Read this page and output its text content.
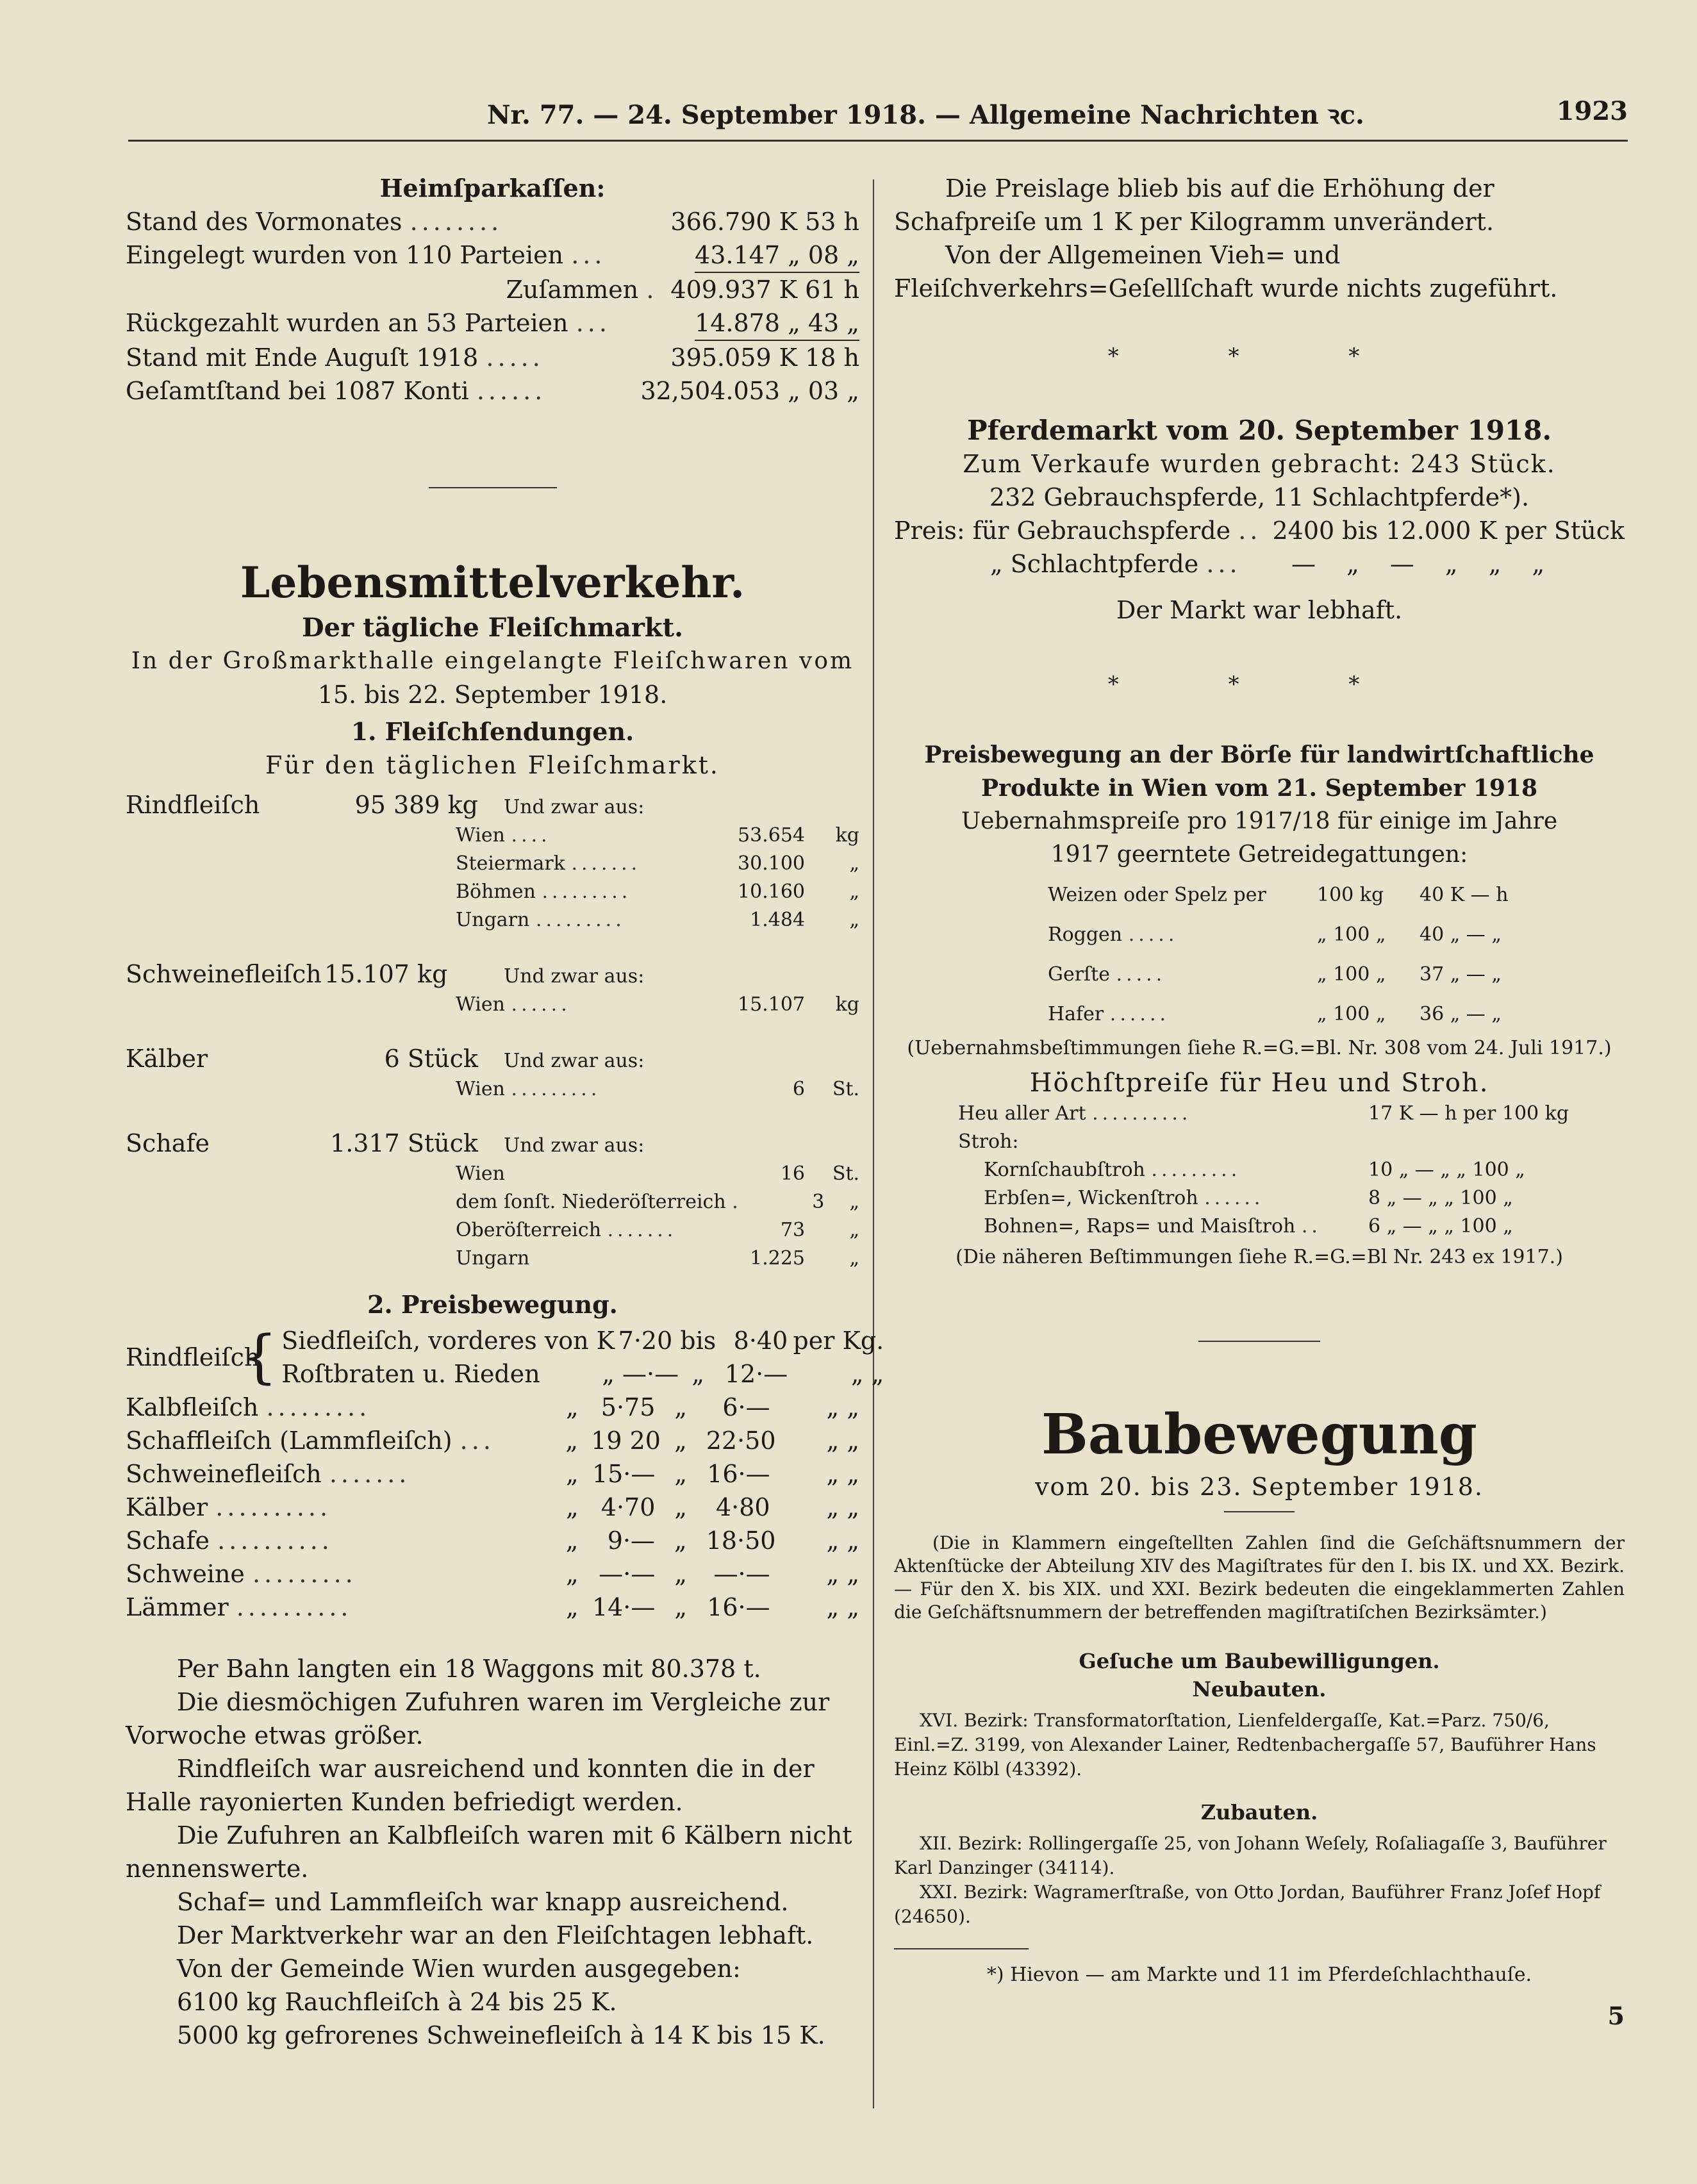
Nr. 77. — 24. September 1918. — Allgemeine Nachrichten ꝛc.	1923
Heimſparkaſſen:
Stand des Vormonates ........	366.790 K 53 h
Eingelegt wurden von 110 Parteien ...	43.147 „ 08 „
Zuſammen . 409.937 K 61 h
Rückgezahlt wurden an 53 Parteien ...	14.878 „ 43 „
Stand mit Ende Auguſt 1918 .....	395.059 K 18 h
Geſamtſtand bei 1087 Konti ......	32,504.053 „ 03 „
Lebensmittelverkehr.
Der tägliche Fleiſchmarkt.
In der Großmarkthalle eingelangte Fleiſchwaren vom
15. bis 22. September 1918.
1. Fleiſchſendungen.
Für den täglichen Fleiſchmarkt.
Rindfleiſch	95 389 kg	Und zwar aus:
Wien ....	53.654	kg
Steiermark .......	30.100	„
Böhmen .........	10.160	„
Ungarn .........	1.484	„
Schweinefleiſch 15.107 kg	Und zwar aus:
Wien ......	15.107	kg
Kälber	6 Stück	Und zwar aus:
Wien .........	6	St.
Schafe	1.317 Stück	Und zwar aus:
Wien	16	St.
dem ſonſt. Niederöſterreich .	3	„
Oberöſterreich .......	73	„
Ungarn	1.225	„
2. Preisbewegung.
Rindfleiſch
{ Siedfleiſch, vorderes von K 7·20 bis 8·40 per Kg.
Roſtbraten u. Rieden	„ —·— „ 12·—	„ „
Kalbfleiſch .........	„ 5·75 „	6·—	„ „
Schaffleiſch (Lammfleiſch) ...	„ 19 20 „ 22·50	„ „
Schweinefleiſch .......	„ 15·— „ 16·—	„ „
Kälber ..........	„ 4·70 „	4·80	„ „
Schafe ..........	„	9·— „ 18·50	„ „
Schweine .........	„ —·— „	—·—	„ „
Lämmer ..........	„ 14·— „ 16·—	„ „
Per Bahn langten ein 18 Waggons mit 80.378 t.
Die diesmöchigen Zufuhren waren im Vergleiche zur Vorwoche etwas größer.
Rindfleiſch war ausreichend und konnten die in der Halle rayonierten Kunden befriedigt werden.
Die Zufuhren an Kalbfleiſch waren mit 6 Kälbern nicht nennenswerte.
Schaf= und Lammfleiſch war knapp ausreichend.
Der Marktverkehr war an den Fleiſchtagen lebhaft.
Von der Gemeinde Wien wurden ausgegeben:
6100 kg Rauchfleiſch à 24 bis 25 K.
5000 kg gefrorenes Schweinefleiſch à 14 K bis 15 K.
Die Preislage blieb bis auf die Erhöhung der Schafpreiſe um 1 K per Kilogramm unverändert.
Von der Allgemeinen Vieh= und Fleiſchverkehrs=Geſellſchaft wurde nichts zugeführt.
* * *
Pferdemarkt vom 20. September 1918.
Zum Verkaufe wurden gebracht: 243 Stück.
232 Gebrauchspferde, 11 Schlachtpferde*).
Preis: für Gebrauchspferde .. 2400 bis 12.000 K per Stück
„ Schlachtpferde ...	— „ — „ „ „
Der Markt war lebhaft.
* * *
Preisbewegung an der Börſe für landwirtſchaftliche
Produkte in Wien vom 21. September 1918
Uebernahmspreiſe pro 1917/18 für einige im Jahre
1917 geerntete Getreidegattungen:
Weizen oder Spelz per	100 kg	40 K — h
Roggen .....	„ 100 „	40 „ — „
Gerſte .....	„ 100 „	37 „ — „
Hafer ......	„ 100 „	36 „ — „
(Uebernahmsbeſtimmungen ſiehe R.=G.=Bl. Nr. 308 vom 24. Juli 1917.)
Höchſtpreiſe für Heu und Stroh.
Heu aller Art ..........	17 K — h per 100 kg
Stroh:
Kornſchaubſtroh .........	10 „ — „ „ 100 „
Erbſen=, Wickenſtroh ......	8 „ — „ „ 100 „
Bohnen=, Raps= und Maisſtroh ..	6 „ — „ „ 100 „
(Die näheren Beſtimmungen ſiehe R.=G.=Bl Nr. 243 ex 1917.)
Baubewegung
vom 20. bis 23. September 1918.
(Die in Klammern eingeſtellten Zahlen ſind die Geſchäftsnummern der Aktenſtücke der Abteilung XIV des Magiſtrates für den I. bis IX. und XX. Bezirk. — Für den X. bis XIX. und XXI. Bezirk bedeuten die eingeklammerten Zahlen die Geſchäftsnummern der betreffenden magiſtratiſchen Bezirksämter.)
Geſuche um Baubewilligungen.
Neubauten.
XVI. Bezirk: Transformatorſtation, Lienfeldergaſſe, Kat.=Parz. 750/6, Einl.=Z. 3199, von Alexander Lainer, Redtenbachergaſſe 57, Bauführer Hans Heinz Kölbl (43392).
Zubauten.
XII. Bezirk: Rollingergaſſe 25, von Johann Weſely, Roſaliagaſſe 3, Bauführer Karl Danzinger (34114).
XXI. Bezirk: Wagramerſtraße, von Otto Jordan, Bauführer Franz Joſef Hopf (24650).
*) Hievon — am Markte und 11 im Pferdeſchlachthauſe.
5
